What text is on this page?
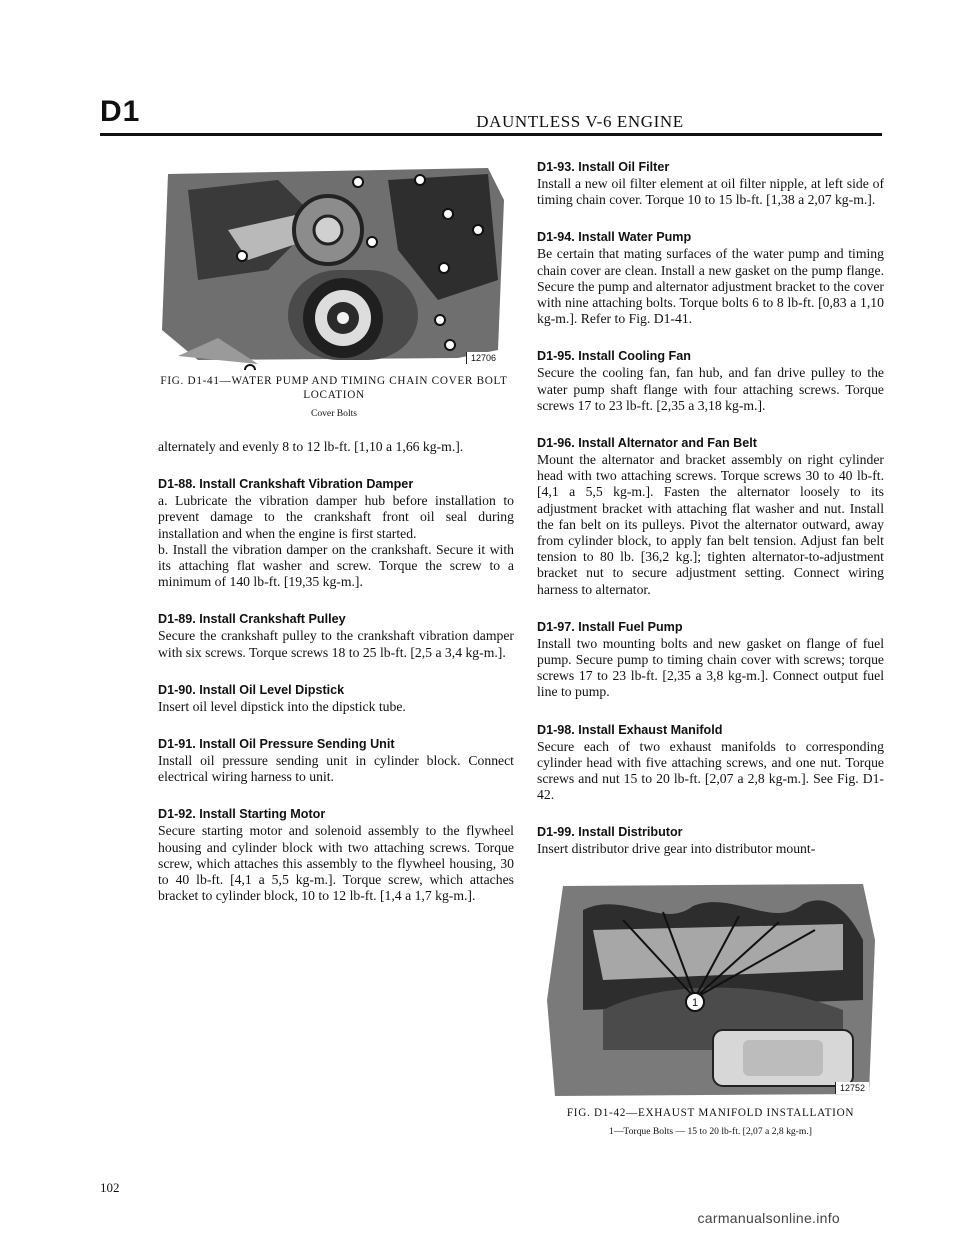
D1	DAUNTLESS V-6 ENGINE
12706
FIG. D1-41—WATER PUMP AND TIMING CHAIN COVER BOLT LOCATION
Cover Bolts

alternately and evenly 8 to 12 lb-ft. [1,10 a 1,66 kg-m.].

D1-88. Install Crankshaft Vibration Damper

a. Lubricate the vibration damper hub before installation to prevent damage to the crankshaft front oil seal during installation and when the engine is first started.

b. Install the vibration damper on the crankshaft. Secure it with its attaching flat washer and screw. Torque the screw to a minimum of 140 lb-ft. [19,35 kg-m.].

D1-89. Install Crankshaft Pulley

Secure the crankshaft pulley to the crankshaft vibration damper with six screws. Torque screws 18 to 25 lb-ft. [2,5 a 3,4 kg-m.].

D1-90. Install Oil Level Dipstick

Insert oil level dipstick into the dipstick tube.

D1-91. Install Oil Pressure Sending Unit

Install oil pressure sending unit in cylinder block. Connect electrical wiring harness to unit.

D1-92. Install Starting Motor

Secure starting motor and solenoid assembly to the flywheel housing and cylinder block with two attaching screws. Torque screw, which attaches this assembly to the flywheel housing, 30 to 40 lb-ft. [4,1 a 5,5 kg-m.]. Torque screw, which attaches bracket to cylinder block, 10 to 12 lb-ft. [1,4 a 1,7 kg-m.].

D1-93. Install Oil Filter

Install a new oil filter element at oil filter nipple, at left side of timing chain cover. Torque 10 to 15 lb-ft. [1,38 a 2,07 kg-m.].

D1-94. Install Water Pump

Be certain that mating surfaces of the water pump and timing chain cover are clean. Install a new gasket on the pump flange. Secure the pump and alternator adjustment bracket to the cover with nine attaching bolts. Torque bolts 6 to 8 lb-ft. [0,83 a 1,10 kg-m.]. Refer to Fig. D1-41.

D1-95. Install Cooling Fan

Secure the cooling fan, fan hub, and fan drive pulley to the water pump shaft flange with four attaching screws. Torque screws 17 to 23 lb-ft. [2,35 a 3,18 kg-m.].

D1-96. Install Alternator and Fan Belt

Mount the alternator and bracket assembly on right cylinder head with two attaching screws. Torque screws 30 to 40 lb-ft. [4,1 a 5,5 kg-m.]. Fasten the alternator loosely to its adjustment bracket with attaching flat washer and nut. Install the fan belt on its pulleys. Pivot the alternator outward, away from cylinder block, to apply fan belt tension. Adjust fan belt tension to 80 lb. [36,2 kg.]; tighten alternator-to-adjustment bracket nut to secure adjustment setting. Connect wiring harness to alternator.

D1-97. Install Fuel Pump

Install two mounting bolts and new gasket on flange of fuel pump. Secure pump to timing chain cover with screws; torque screws 17 to 23 lb-ft. [2,35 a 3,8 kg-m.]. Connect output fuel line to pump.

D1-98. Install Exhaust Manifold

Secure each of two exhaust manifolds to corresponding cylinder head with five attaching screws, and one nut. Torque screws and nut 15 to 20 lb-ft. [2,07 a 2,8 kg-m.]. See Fig. D1-42.

D1-99. Install Distributor

Insert distributor drive gear into distributor mount-

1
12752
FIG. D1-42—EXHAUST MANIFOLD INSTALLATION
1—Torque Bolts — 15 to 20 lb-ft. [2,07 a 2,8 kg-m.]
102
carmanualsonline.info
